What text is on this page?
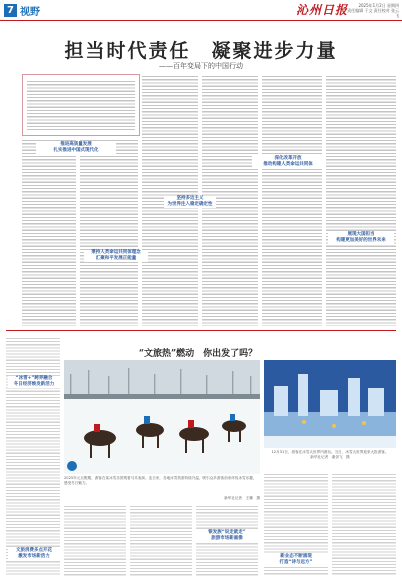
7 视野	沁州日报	2025年1月2日 星期四
责任编辑 于文 责任校对 张云飞
担当时代责任　凝聚进步力量
——百年变局下的中国行动
推进高质量发展
扎实推进中国式现代化
秉持人类命运共同体理念
汇聚和平发展正能量
深化改革开放
推动构建人类命运共同体
坚持多边主义
为世界注入稳定确定性
展现大国担当
构建更加美好的世界未来
“冰雪+”跨界融合
冬日经济焕发新活力
文旅消费多点开花
激发市场新活力
“文旅热”燃动　你出发了吗？
12月31日，游客在冰雪大世界内游玩。当日，冰雪大世界迎来大批游客。
新华社记者　谢剑飞　摄
2025年元旦假期，游客在某冰雪乐园观看马术表演。连日来，各地冰雪旅游持续升温，吸引众多游客前来体验冰雪乐趣，感受冬日魅力。
新华社记者　王鹏　摄
银发族“说走就走”
旅游市场新画像
新业态不断涌现
打造“诗与远方”
